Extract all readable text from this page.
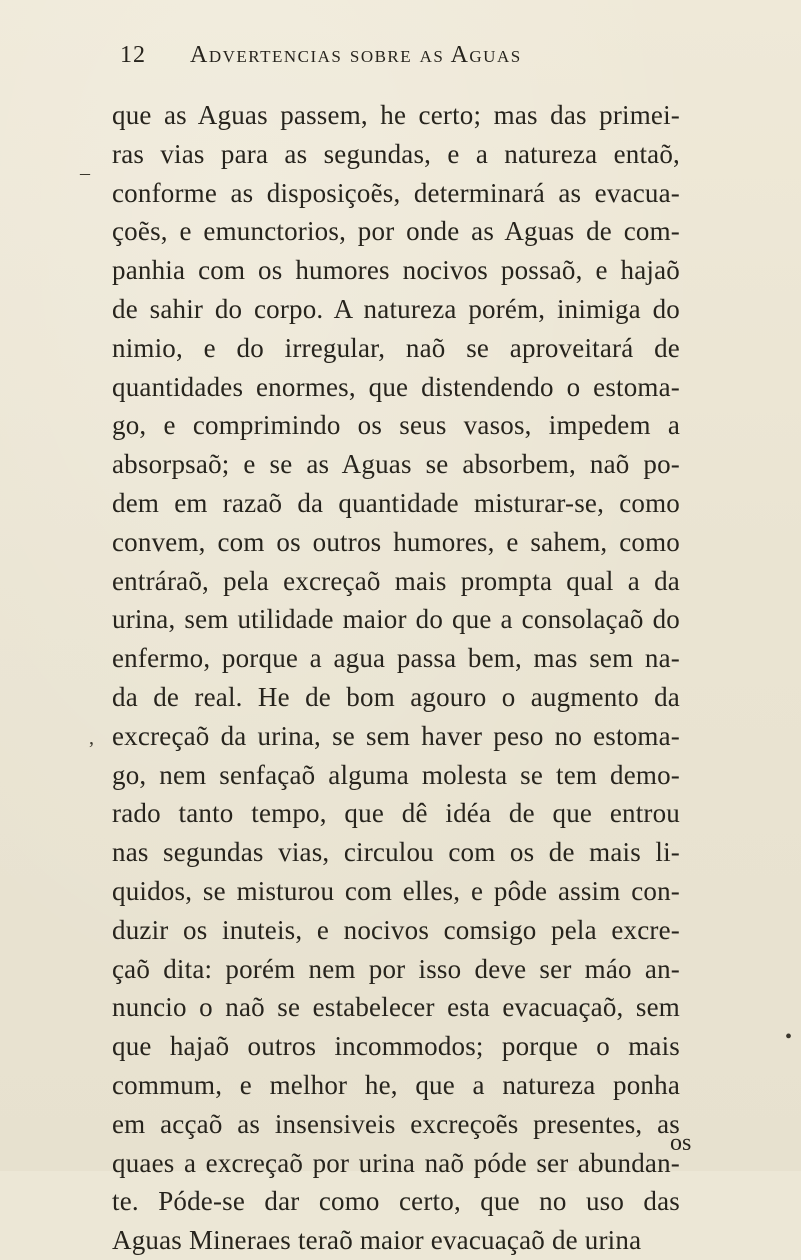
12 Advertencias sobre as Aguas
–
’
•
que as Aguas passem, he certo; mas das primei-
ras vias para as segundas, e a natureza entaõ,
conforme as disposiçoẽs, determinará as evacua-
çoẽs, e emunctorios, por onde as Aguas de com-
panhia com os humores nocivos possaõ, e hajaõ
de sahir do corpo. A natureza porém, inimiga do
nimio, e do irregular, naõ se aproveitará de
quantidades enormes, que distendendo o estoma-
go, e comprimindo os seus vasos, impedem a
absorpsaõ; e se as Aguas se absorbem, naõ po-
dem em razaõ da quantidade misturar-se, como
convem, com os outros humores, e sahem, como
entráraõ, pela excreçaõ mais prompta qual a da
urina, sem utilidade maior do que a consolaçaõ do
enfermo, porque a agua passa bem, mas sem na-
da de real. He de bom agouro o augmento da
excreçaõ da urina, se sem haver peso no estoma-
go, nem senfaçaõ alguma molesta se tem demo-
rado tanto tempo, que dê idéa de que entrou
nas segundas vias, circulou com os de mais li-
quidos, se misturou com elles, e pôde assim con-
duzir os inuteis, e nocivos comsigo pela excre-
çaõ dita: porém nem por isso deve ser máo an-
nuncio o naõ se estabelecer esta evacuaçaõ, sem
que hajaõ outros incommodos; porque o mais
commum, e melhor he, que a natureza ponha
em acçaõ as insensiveis excreçoẽs presentes, as
quaes a excreçaõ por urina naõ póde ser abundan-
te. Póde-se dar como certo, que no uso das
Aguas Mineraes teraõ maior evacuaçaõ de urina
os
